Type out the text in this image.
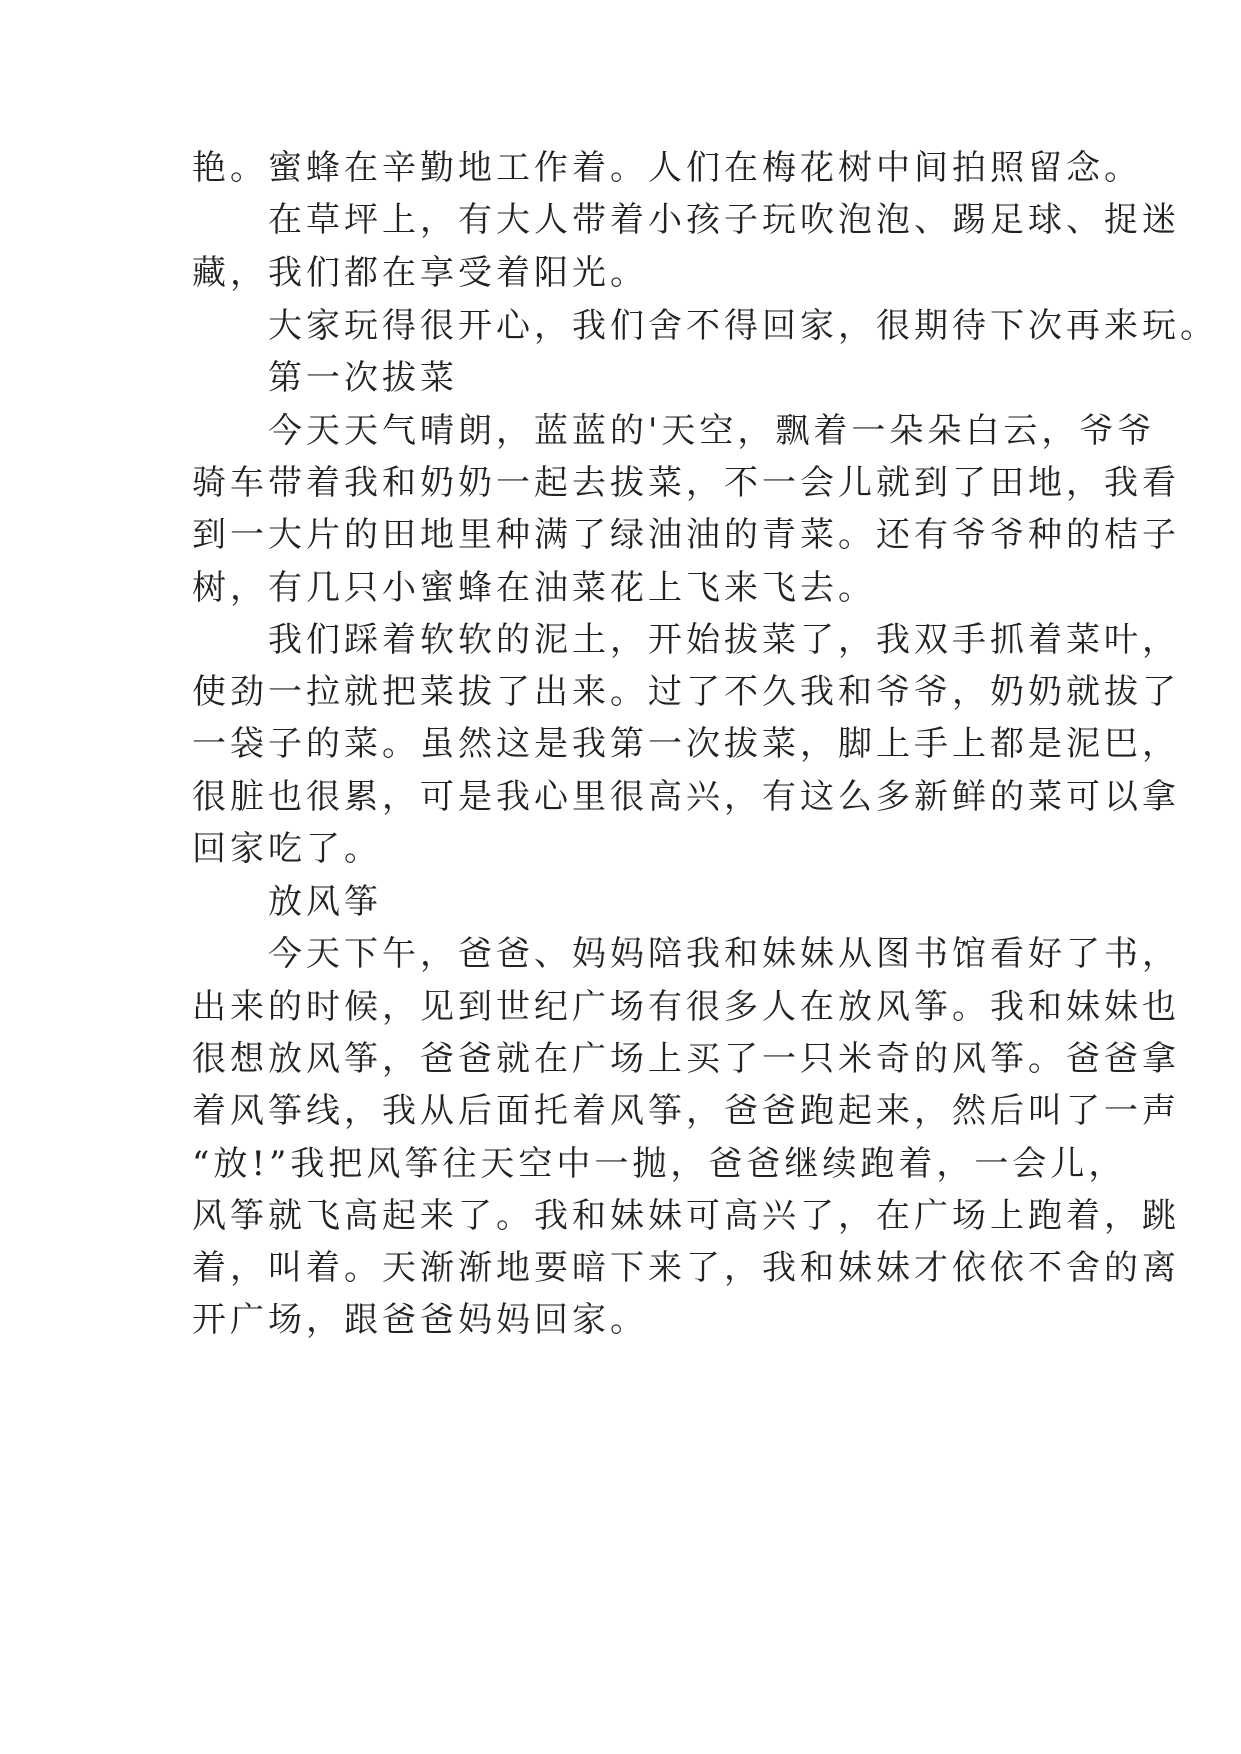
艳。蜜蜂在辛勤地工作着。人们在梅花树中间拍照留念。
　　在草坪上，有大人带着小孩子玩吹泡泡、踢足球、捉迷
藏，我们都在享受着阳光。
　　大家玩得很开心，我们舍不得回家，很期待下次再来玩。
　　第一次拔菜
　　今天天气晴朗，蓝蓝的'天空，飘着一朵朵白云，爷爷
骑车带着我和奶奶一起去拔菜，不一会儿就到了田地，我看
到一大片的田地里种满了绿油油的青菜。还有爷爷种的桔子
树，有几只小蜜蜂在油菜花上飞来飞去。
　　我们踩着软软的泥土，开始拔菜了，我双手抓着菜叶，
使劲一拉就把菜拔了出来。过了不久我和爷爷，奶奶就拔了
一袋子的菜。虽然这是我第一次拔菜，脚上手上都是泥巴，
很脏也很累，可是我心里很高兴，有这么多新鲜的菜可以拿
回家吃了。
　　放风筝
　　今天下午，爸爸、妈妈陪我和妹妹从图书馆看好了书，
出来的时候，见到世纪广场有很多人在放风筝。我和妹妹也
很想放风筝，爸爸就在广场上买了一只米奇的风筝。爸爸拿
着风筝线，我从后面托着风筝，爸爸跑起来，然后叫了一声
“放!”我把风筝往天空中一抛，爸爸继续跑着，一会儿，
风筝就飞高起来了。我和妹妹可高兴了，在广场上跑着，跳
着，叫着。天渐渐地要暗下来了，我和妹妹才依依不舍的离
开广场，跟爸爸妈妈回家。
